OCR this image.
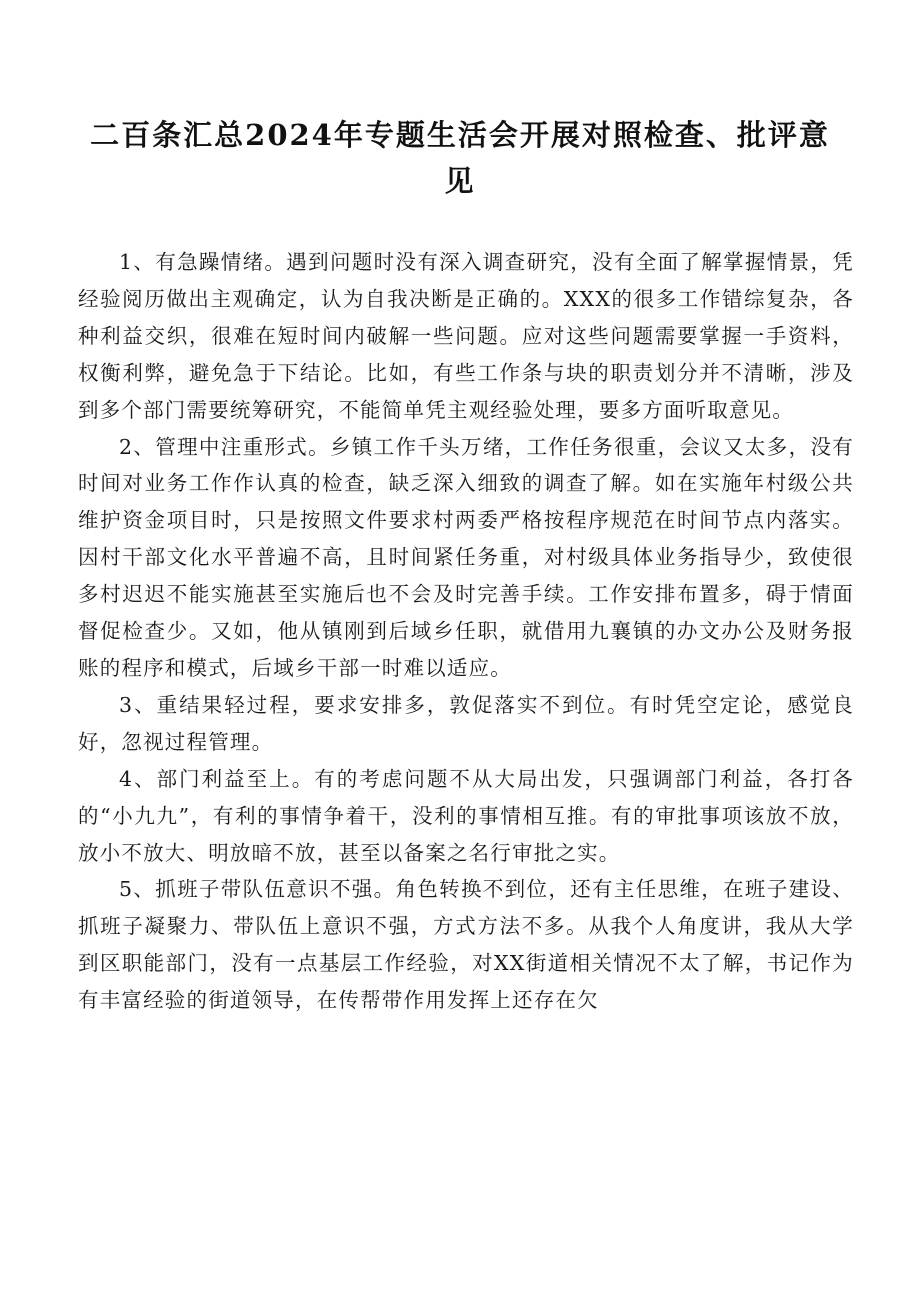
二百条汇总2024年专题生活会开展对照检查、批评意见

1、有急躁情绪。遇到问题时没有深入调查研究，没有全面了解掌握情景，凭经验阅历做出主观确定，认为自我决断是正确的。XXX的很多工作错综复杂，各种利益交织，很难在短时间内破解一些问题。应对这些问题需要掌握一手资料，权衡利弊，避免急于下结论。比如，有些工作条与块的职责划分并不清晰，涉及到多个部门需要统筹研究，不能简单凭主观经验处理，要多方面听取意见。

2、管理中注重形式。乡镇工作千头万绪，工作任务很重，会议又太多，没有时间对业务工作作认真的检查，缺乏深入细致的调查了解。如在实施年村级公共维护资金项目时，只是按照文件要求村两委严格按程序规范在时间节点内落实。因村干部文化水平普遍不高，且时间紧任务重，对村级具体业务指导少，致使很多村迟迟不能实施甚至实施后也不会及时完善手续。工作安排布置多，碍于情面督促检查少。又如，他从镇刚到后域乡任职，就借用九襄镇的办文办公及财务报账的程序和模式，后域乡干部一时难以适应。

3、重结果轻过程，要求安排多，敦促落实不到位。有时凭空定论，感觉良好，忽视过程管理。

4、部门利益至上。有的考虑问题不从大局出发，只强调部门利益，各打各的“小九九”，有利的事情争着干，没利的事情相互推。有的审批事项该放不放，放小不放大、明放暗不放，甚至以备案之名行审批之实。

5、抓班子带队伍意识不强。角色转换不到位，还有主任思维，在班子建设、抓班子凝聚力、带队伍上意识不强，方式方法不多。从我个人角度讲，我从大学到区职能部门，没有一点基层工作经验，对XX街道相关情况不太了解，书记作为有丰富经验的街道领导，在传帮带作用发挥上还存在欠
